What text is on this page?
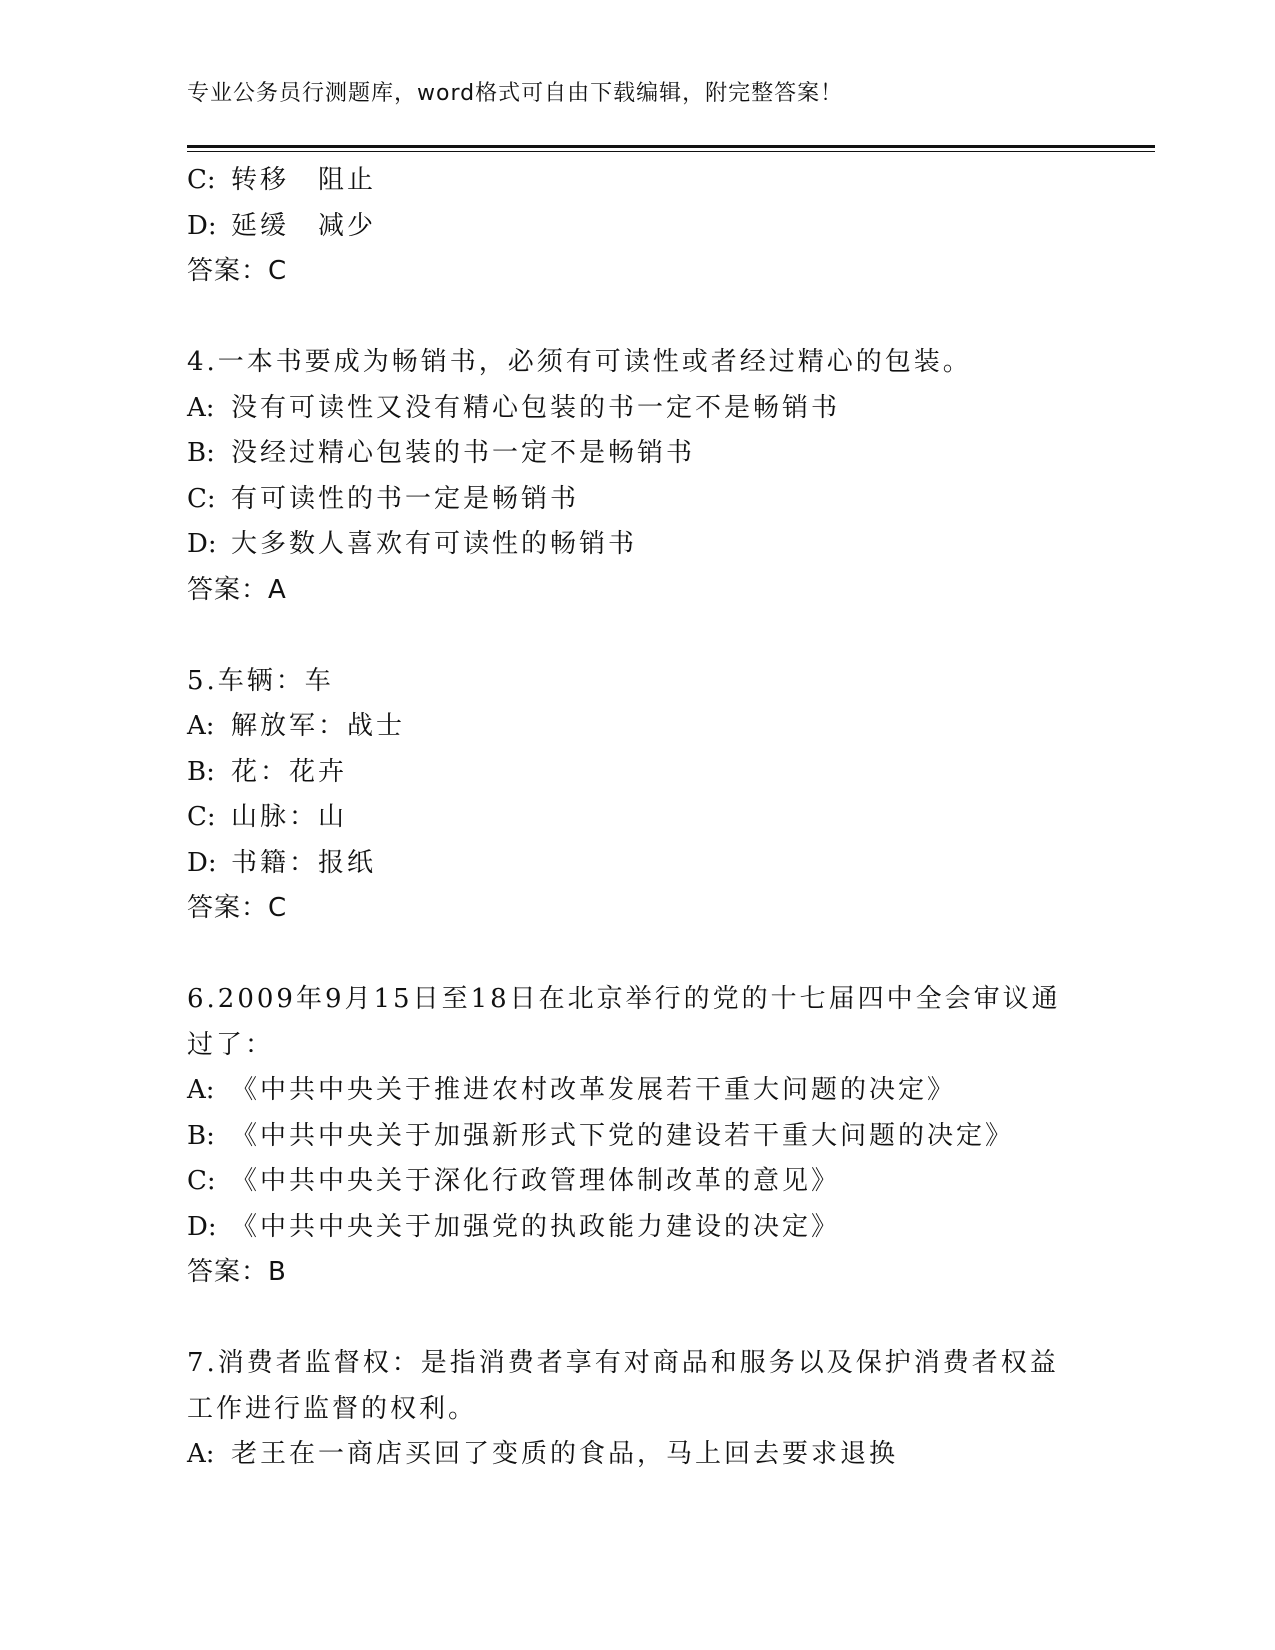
专业公务员行测题库，word格式可自由下载编辑，附完整答案！
C: 转移　阻止
D: 延缓　减少
答案：C
4.一本书要成为畅销书，必须有可读性或者经过精心的包装。
A: 没有可读性又没有精心包装的书一定不是畅销书
B: 没经过精心包装的书一定不是畅销书
C: 有可读性的书一定是畅销书
D: 大多数人喜欢有可读性的畅销书
答案：A
5.车辆：车
A: 解放军：战士
B: 花：花卉
C: 山脉：山
D: 书籍：报纸
答案：C
6.2009年9月15日至18日在北京举行的党的十七届四中全会审议通
过了：
A: 《中共中央关于推进农村改革发展若干重大问题的决定》
B: 《中共中央关于加强新形式下党的建设若干重大问题的决定》
C: 《中共中央关于深化行政管理体制改革的意见》
D: 《中共中央关于加强党的执政能力建设的决定》
答案：B
7.消费者监督权：是指消费者享有对商品和服务以及保护消费者权益
工作进行监督的权利。
A: 老王在一商店买回了变质的食品，马上回去要求退换
